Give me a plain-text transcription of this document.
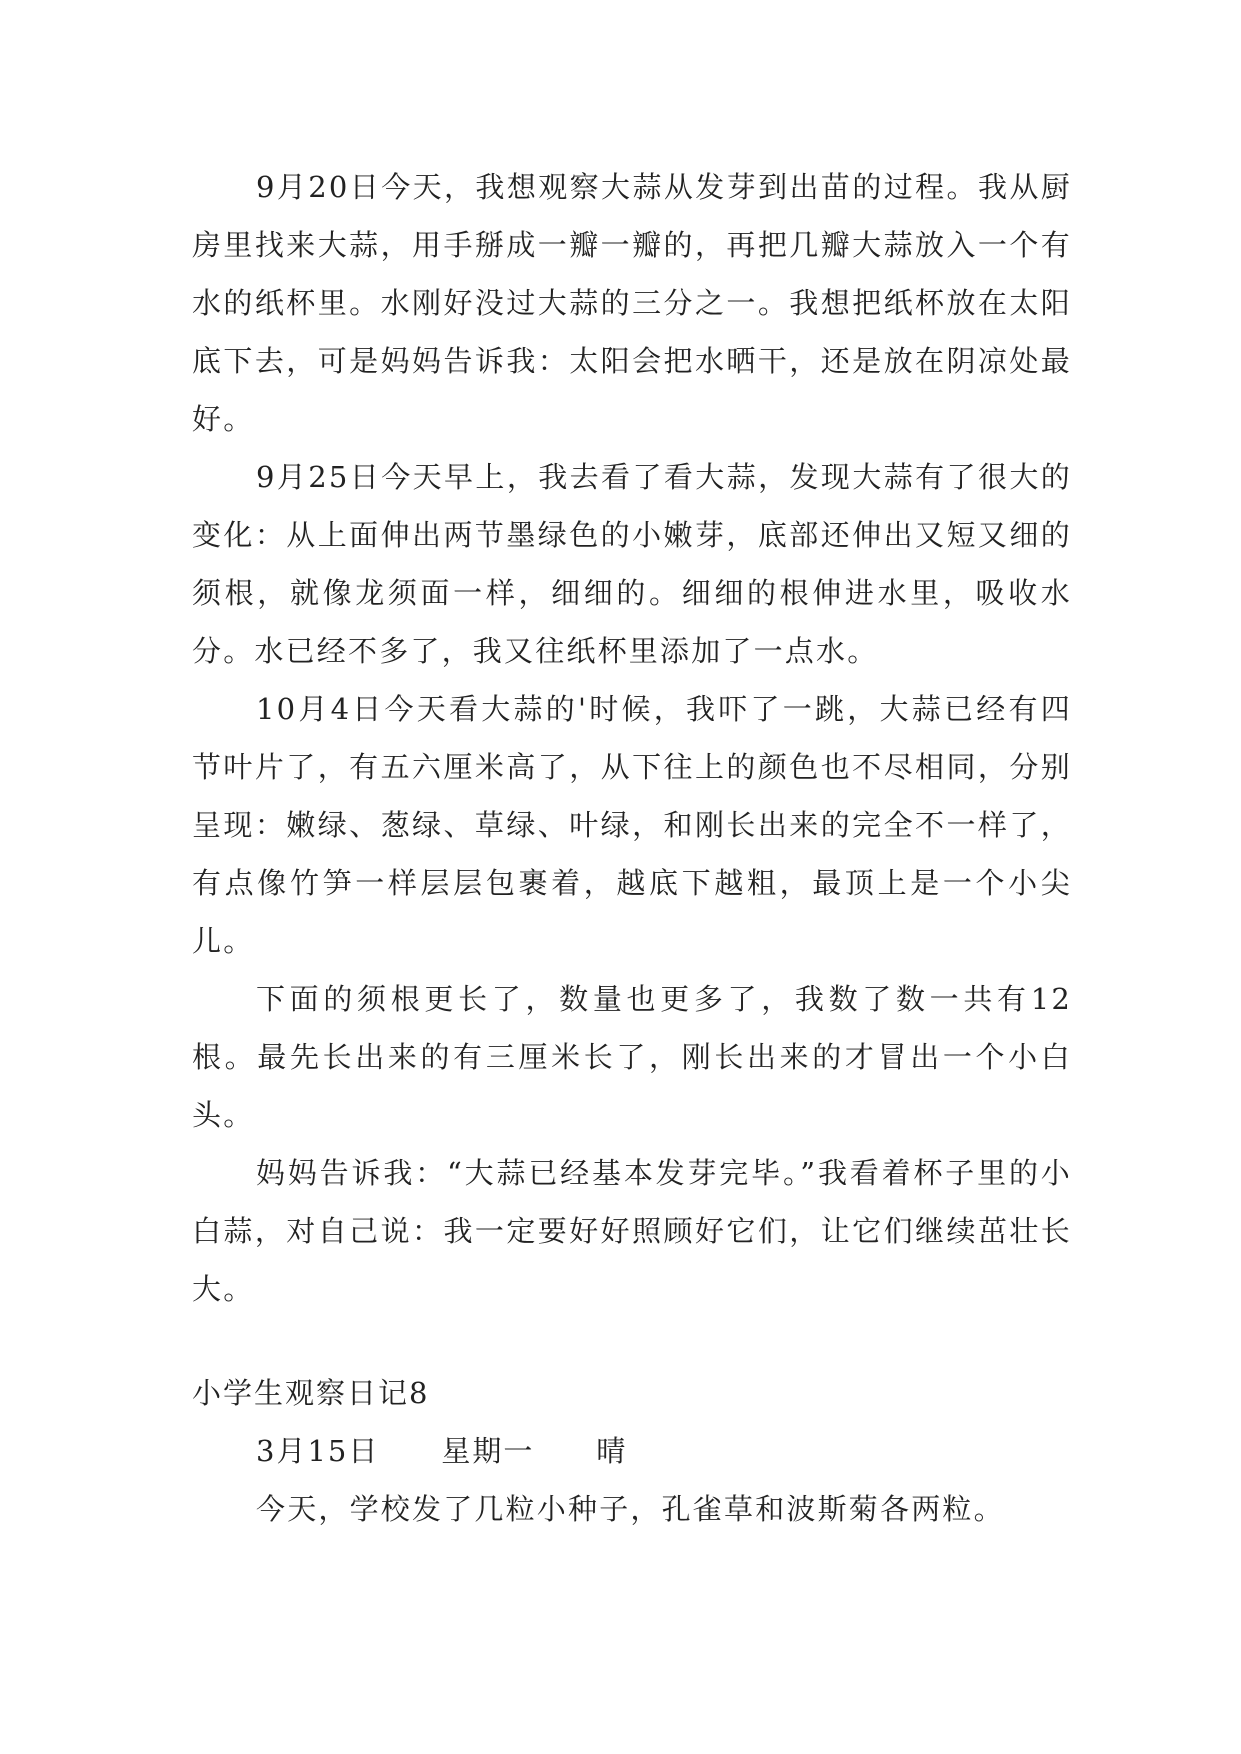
9月20日今天，我想观察大蒜从发芽到出苗的过程。我从厨房里找来大蒜，用手掰成一瓣一瓣的，再把几瓣大蒜放入一个有水的纸杯里。水刚好没过大蒜的三分之一。我想把纸杯放在太阳底下去，可是妈妈告诉我：太阳会把水晒干，还是放在阴凉处最好。

9月25日今天早上，我去看了看大蒜，发现大蒜有了很大的变化：从上面伸出两节墨绿色的小嫩芽，底部还伸出又短又细的须根，就像龙须面一样，细细的。细细的根伸进水里，吸收水分。水已经不多了，我又往纸杯里添加了一点水。

10月4日今天看大蒜的'时候，我吓了一跳，大蒜已经有四节叶片了，有五六厘米高了，从下往上的颜色也不尽相同，分别呈现：嫩绿、葱绿、草绿、叶绿，和刚长出来的完全不一样了，有点像竹笋一样层层包裹着，越底下越粗，最顶上是一个小尖儿。

下面的须根更长了，数量也更多了，我数了数一共有12根。最先长出来的有三厘米长了，刚长出来的才冒出一个小白头。

妈妈告诉我：“大蒜已经基本发芽完毕。”我看着杯子里的小白蒜，对自己说：我一定要好好照顾好它们，让它们继续茁壮长大。

小学生观察日记8

3月15日 星期一 晴

今天，学校发了几粒小种子，孔雀草和波斯菊各两粒。
